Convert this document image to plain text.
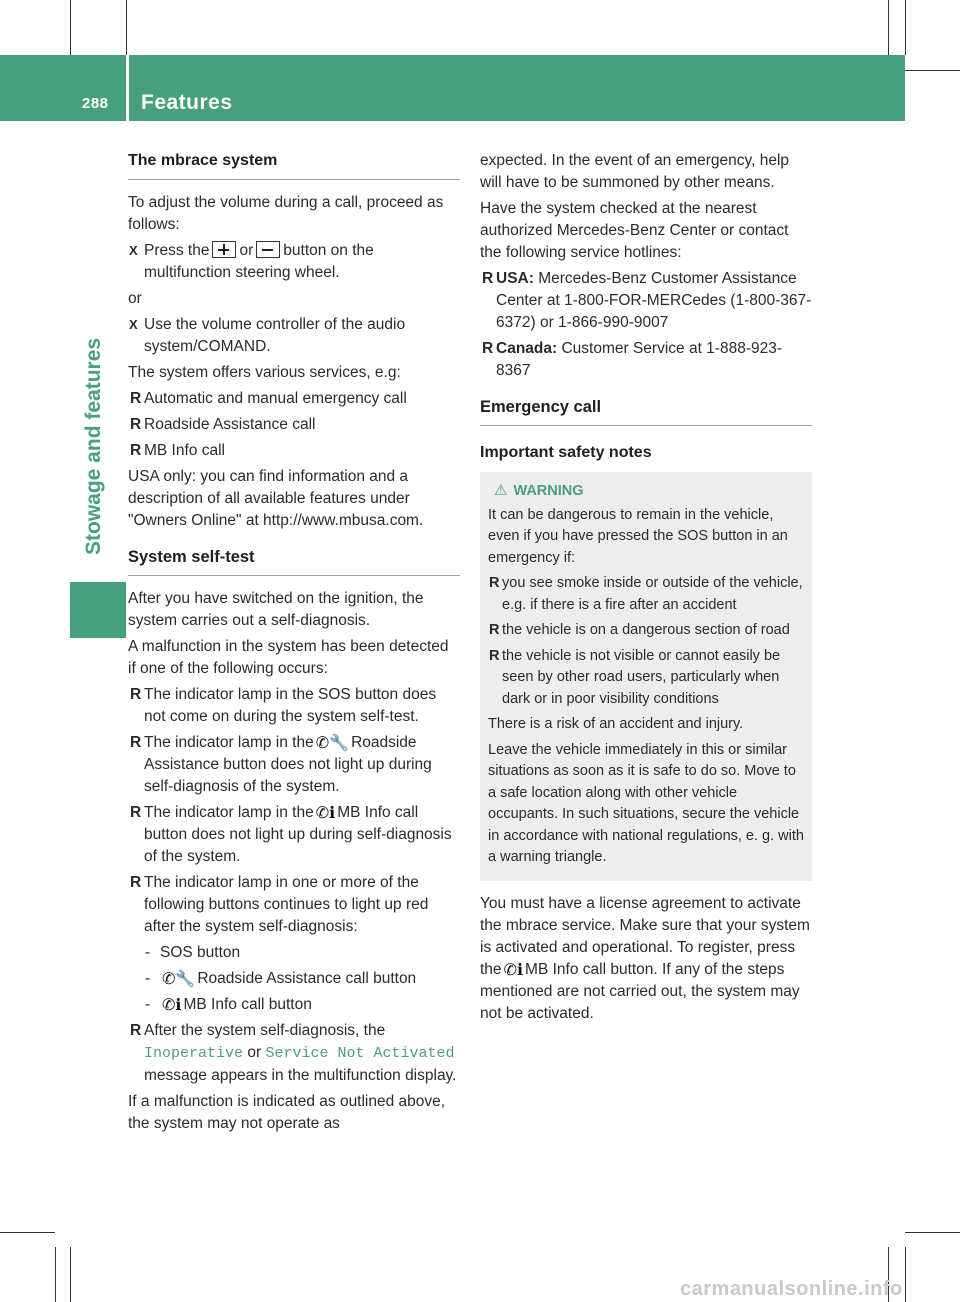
288 Features
Stowage and features
The mbrace system

To adjust the volume during a call, proceed as follows:

X Press the or button on the multifunction steering wheel.

or

X Use the volume controller of the audio system/COMAND.

The system offers various services, e.g:

R Automatic and manual emergency call
R Roadside Assistance call
R MB Info call

USA only: you can find information and a description of all available features under "Owners Online" at http://www.mbusa.com.

System self-test

After you have switched on the ignition, the system carries out a self-diagnosis.

A malfunction in the system has been detected if one of the following occurs:

R The indicator lamp in the SOS button does not come on during the system self-test.
R The indicator lamp in the ✆🔧 Roadside Assistance button does not light up during self-diagnosis of the system.
R The indicator lamp in the ✆ℹ MB Info call button does not light up during self-diagnosis of the system.
R The indicator lamp in one or more of the following buttons continues to light up red after the system self-diagnosis:
- SOS button
- ✆🔧 Roadside Assistance call button
- ✆ℹ MB Info call button
R After the system self-diagnosis, the Inoperative or Service Not Activated message appears in the multifunction display.

If a malfunction is indicated as outlined above, the system may not operate as

expected. In the event of an emergency, help will have to be summoned by other means.

Have the system checked at the nearest authorized Mercedes-Benz Center or contact the following service hotlines:

R USA: Mercedes-Benz Customer Assistance Center at 1-800-FOR-MERCedes (1-800-367-6372) or 1-866-990-9007
R Canada: Customer Service at 1-888-923-8367
Emergency call
Important safety notes
⚠ WARNING

It can be dangerous to remain in the vehicle, even if you have pressed the SOS button in an emergency if:

R you see smoke inside or outside of the vehicle, e.g. if there is a fire after an accident
R the vehicle is on a dangerous section of road
R the vehicle is not visible or cannot easily be seen by other road users, particularly when dark or in poor visibility conditions

There is a risk of an accident and injury.

Leave the vehicle immediately in this or similar situations as soon as it is safe to do so. Move to a safe location along with other vehicle occupants. In such situations, secure the vehicle in accordance with national regulations, e. g. with a warning triangle.

You must have a license agreement to activate the mbrace service. Make sure that your system is activated and operational. To register, press the ✆ℹ MB Info call button. If any of the steps mentioned are not carried out, the system may not be activated.

carmanualsonline.info
